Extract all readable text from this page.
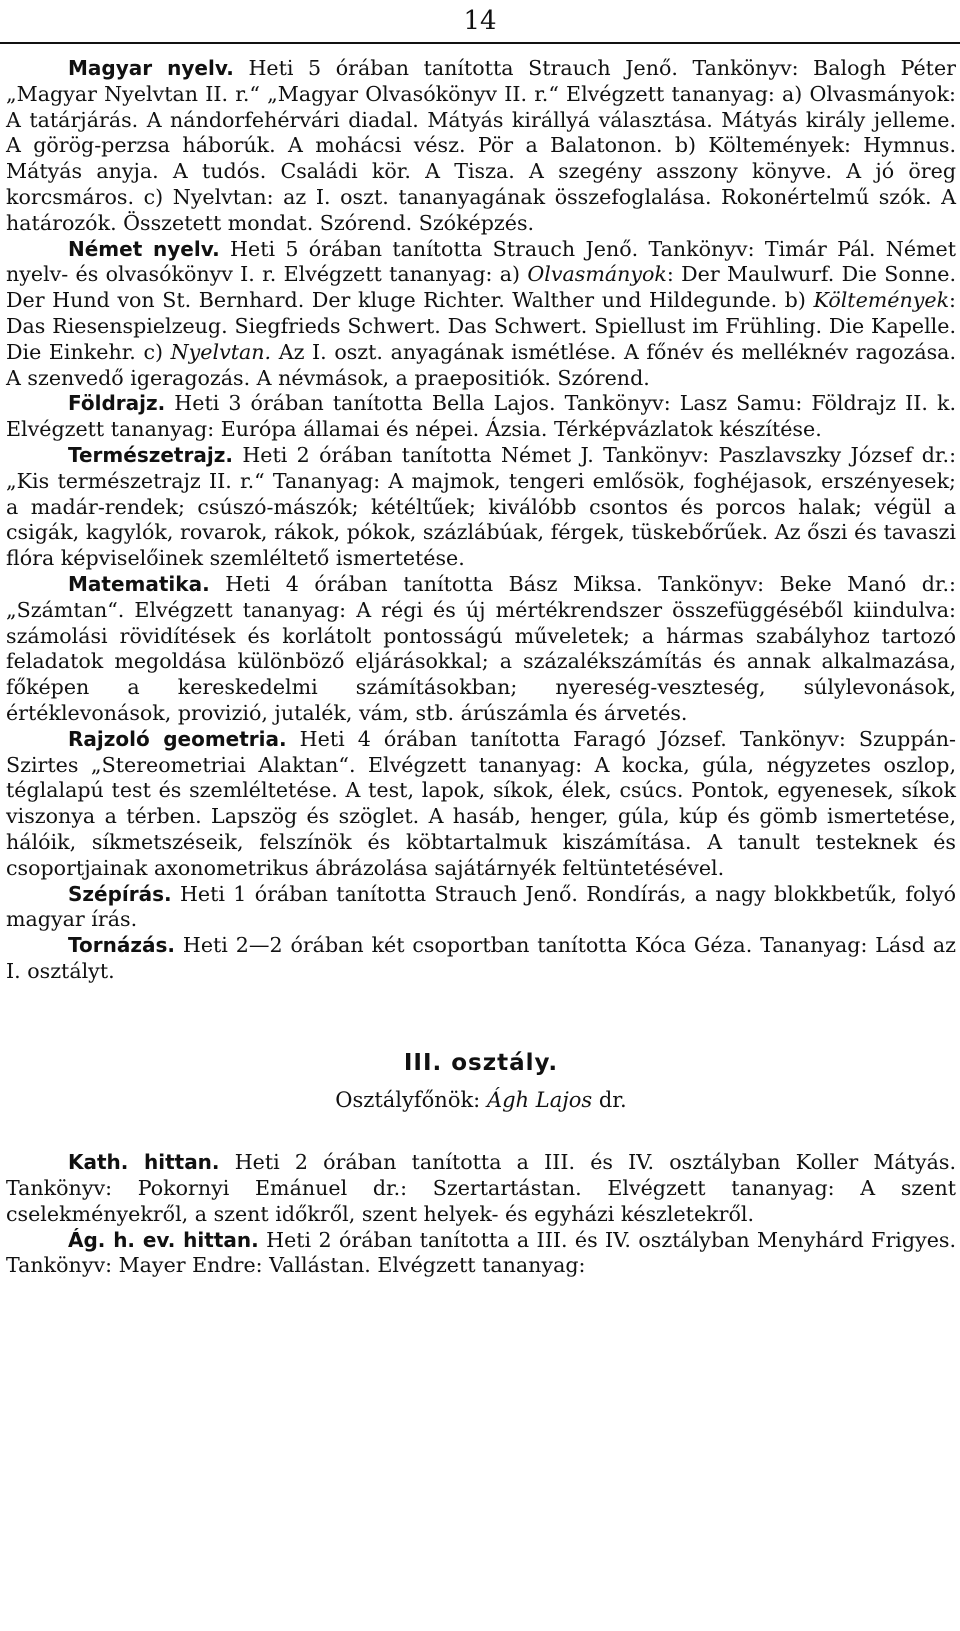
14

Magyar nyelv. Heti 5 órában tanította Strauch Jenő. Tankönyv: Balogh Péter „Magyar Nyelvtan II. r.“ „Magyar Olvasókönyv II. r.“ Elvégzett tananyag: a) Olvasmányok: A tatárjárás. A nándorfehérvári diadal. Mátyás királlyá választása. Mátyás király jelleme. A görög-perzsa háborúk. A mohácsi vész. Pör a Balatonon. b) Költemények: Hymnus. Mátyás anyja. A tudós. Családi kör. A Tisza. A szegény asszony könyve. A jó öreg korcsmáros. c) Nyelvtan: az I. oszt. tananyagának összefoglalása. Rokonértelmű szók. A határozók. Összetett mondat. Szórend. Szóképzés.

Német nyelv. Heti 5 órában tanította Strauch Jenő. Tankönyv: Timár Pál. Német nyelv- és olvasókönyv I. r. Elvégzett tananyag: a) Olvasmányok: Der Maulwurf. Die Sonne. Der Hund von St. Bernhard. Der kluge Richter. Walther und Hildegunde. b) Költemények: Das Riesenspielzeug. Siegfrieds Schwert. Das Schwert. Spiellust im Frühling. Die Kapelle. Die Einkehr. c) Nyelvtan. Az I. oszt. anyagának ismétlése. A főnév és melléknév ragozása. A szenvedő igeragozás. A névmások, a praepositiók. Szórend.

Földrajz. Heti 3 órában tanította Bella Lajos. Tankönyv: Lasz Samu: Földrajz II. k. Elvégzett tananyag: Európa államai és népei. Ázsia. Térképvázlatok készítése.

Természetrajz. Heti 2 órában tanította Német J. Tankönyv: Paszlavszky József dr.: „Kis természetrajz II. r.“ Tananyag: A majmok, tengeri emlősök, foghéjasok, erszényesek; a madár-rendek; csúszó-mászók; kétéltűek; kiválóbb csontos és porcos halak; végül a csigák, kagylók, rovarok, rákok, pókok, százlábúak, férgek, tüskebőrűek. Az őszi és tavaszi flóra képviselőinek szemléltető ismertetése.

Matematika. Heti 4 órában tanította Bász Miksa. Tankönyv: Beke Manó dr.: „Számtan“. Elvégzett tananyag: A régi és új mértékrendszer összefüggéséből kiindulva: számolási rövidítések és korlátolt pontosságú műveletek; a hármas szabályhoz tartozó feladatok megoldása különböző eljárásokkal; a százalékszámítás és annak alkalmazása, főképen a kereskedelmi számításokban; nyereség-veszteség, súlylevonások, értéklevonások, provizió, jutalék, vám, stb. árúszámla és árvetés.

Rajzoló geometria. Heti 4 órában tanította Faragó József. Tankönyv: Szuppán-Szirtes „Stereometriai Alaktan“. Elvégzett tananyag: A kocka, gúla, négyzetes oszlop, téglalapú test és szemléltetése. A test, lapok, síkok, élek, csúcs. Pontok, egyenesek, síkok viszonya a térben. Lapszög és szöglet. A hasáb, henger, gúla, kúp és gömb ismertetése, hálóik, síkmetszéseik, felszínök és köbtartalmuk kiszámítása. A tanult testeknek és csoportjainak axonometrikus ábrázolása sajátárnyék feltüntetésével.

Szépírás. Heti 1 órában tanította Strauch Jenő. Rondírás, a nagy blokkbetűk, folyó magyar írás.

Tornázás. Heti 2—2 órában két csoportban tanította Kóca Géza. Tananyag: Lásd az I. osztályt.

III. osztály.
Osztályfőnök: Ágh Lajos dr.

Kath. hittan. Heti 2 órában tanította a III. és IV. osztályban Koller Mátyás. Tankönyv: Pokornyi Emánuel dr.: Szertartástan. Elvégzett tananyag: A szent cselekményekről, a szent időkről, szent helyek- és egyházi készletekről.

Ág. h. ev. hittan. Heti 2 órában tanította a III. és IV. osztályban Menyhárd Frigyes. Tankönyv: Mayer Endre: Vallástan. Elvégzett tananyag:
